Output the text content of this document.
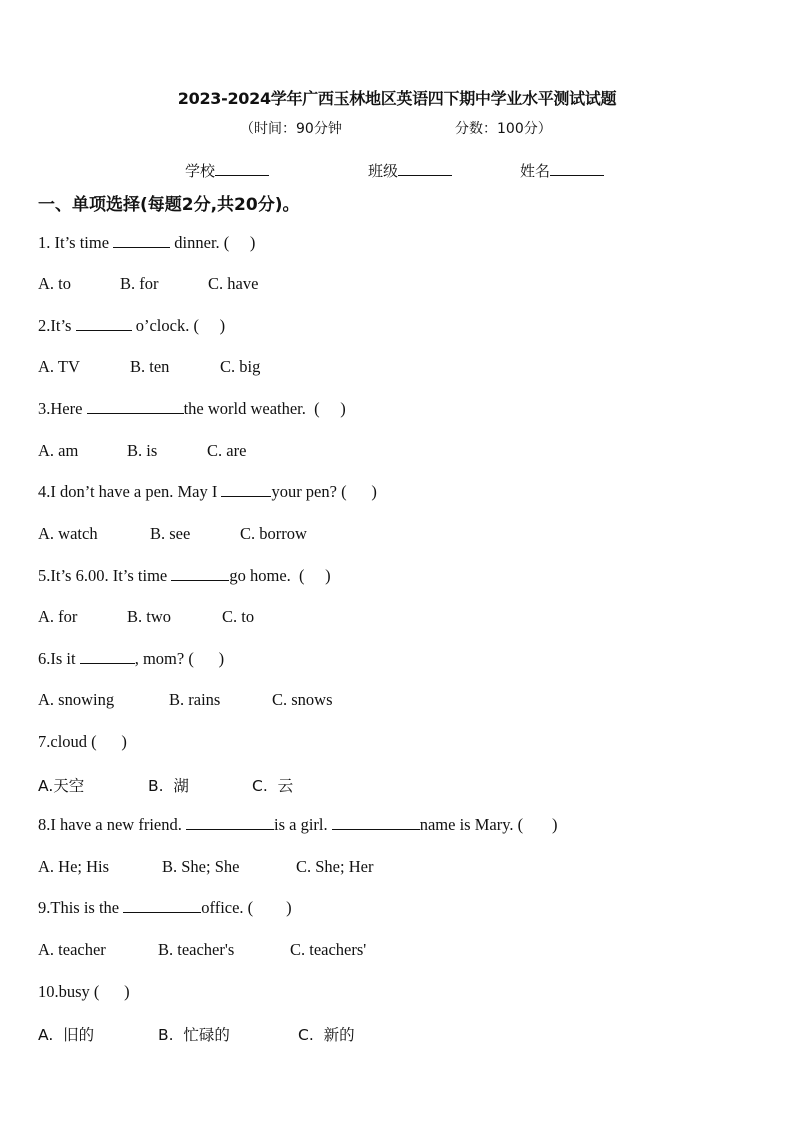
2023-2024学年广西玉林地区英语四下期中学业水平测试试题
（时间：90分钟	分数：100分）
学校	班级	姓名
一、单项选择(每题2分,共20分)。
1. It’s time	dinner. (     )
A. to	B. for	C. have
2.It’s	o’clock. (     )
A. TV	B. ten	C. big
3.Here	the world weather.  (     )
A. am	B. is	C. are
4.I don’t have a pen. May I	your pen? (      )
A. watch	B. see	C. borrow
5.It’s 6.00. It’s time	go home.  (     )
A. for	B. two	C. to
6.Is it	, mom? (      )
A. snowing	B. rains	C. snows
7.cloud (      )
A.天空	B.  湖	C.  云
8.I have a new friend.	is a girl.	name is Mary. (       )
A. He; His	B. She; She	C. She; Her
9.This is the	office. (        )
A. teacher	B. teacher's	C. teachers'
10.busy (      )
A.  旧的	B.  忙碌的	C.  新的
